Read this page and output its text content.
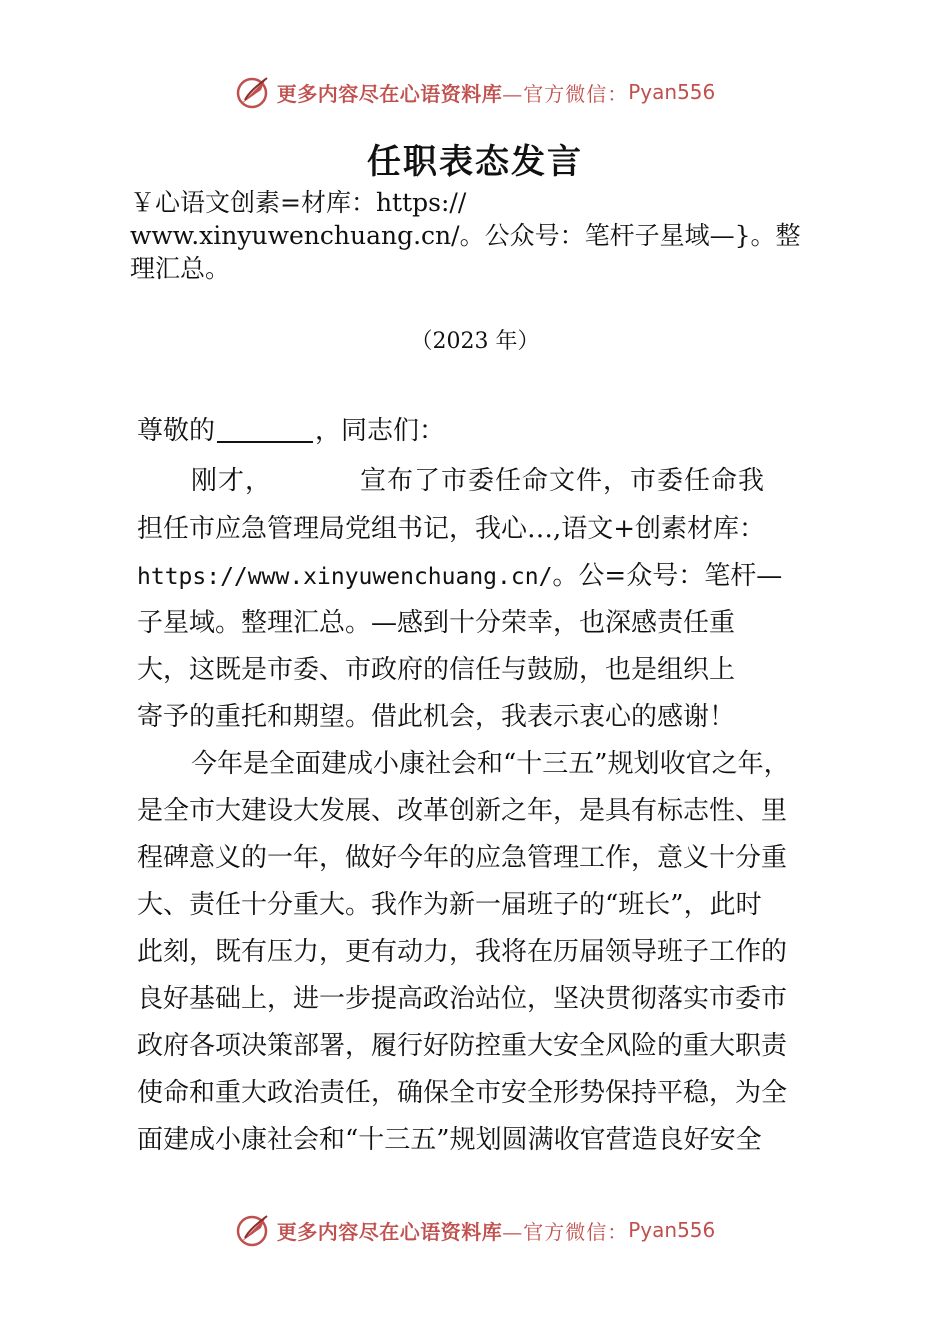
更多内容尽在心语资料库 —官方微信： Pyan556
任职表态发言
￥心语文创素=材库：https://
www.xinyuwenchuang.cn/。公众号：笔杆子星域—}。整
理汇总。
（2023 年）
尊敬的	，同志们：
刚才，	宣布了市委任命文件，市委任命我
担任市应急管理局党组书记，我心…,语文+创素材库：
https://www.xinyuwenchuang.cn/。公=众号：笔杆—
子星域。整理汇总。—感到十分荣幸，也深感责任重
大，这既是市委、市政府的信任与鼓励，也是组织上
寄予的重托和期望。借此机会，我表示衷心的感谢！
今年是全面建成小康社会和“十三五”规划收官之年，
是全市大建设大发展、改革创新之年，是具有标志性、里
程碑意义的一年，做好今年的应急管理工作，意义十分重
大、责任十分重大。我作为新一届班子的“班长”，此时
此刻，既有压力，更有动力，我将在历届领导班子工作的
良好基础上，进一步提高政治站位，坚决贯彻落实市委市
政府各项决策部署，履行好防控重大安全风险的重大职责
使命和重大政治责任，确保全市安全形势保持平稳，为全
面建成小康社会和“十三五”规划圆满收官营造良好安全
更多内容尽在心语资料库 —官方微信： Pyan556
